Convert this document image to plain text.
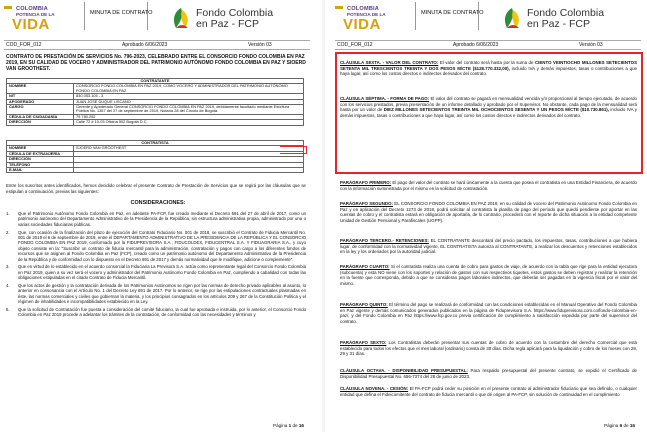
COLOMBIA
POTENCIA DE LA
VIDA
MINUTA DE CONTRATO	Fondo Colombia
en Paz - FCP
COD_FOR_012	Aprobado 6/06/2023	Versión 03
CONTRATO DE PRESTACIÓN DE SERVICIOS No. 796-2023, CELEBRADO ENTRE EL CONSORCIO FONDO COLOMBIA EN PAZ 2019, EN SU CALIDAD DE VOCERO Y ADMINISTRADOR DEL PATRIMONIO AUTÓNOMO FONDO COLOMBIA EN PAZ Y SIOERD VAN GROOTHEST.
CONTRATANTE	
NOMBRE	CONSORCIO FONDO COLOMBIA EN PAZ 2019, COMO VOCERO Y ADMINISTRADOR DEL PATRIMONIO AUTÓNOMO FONDO COLOMBIA EN PAZ
NIT	830.053.105 - 3
APODERADO	JUAN JOSÉ DUQUE LISCANO
CARGO	Gerente y Apoderado General CONSORCIO FONDO COLOMBIA EN PAZ 2019, debidamente facultado mediante Escritura Pública No. 1357 del 27 de septiembre de 2019, Notaría 28 del Círculo de Bogotá.
CÉDULA DE CIUDADANÍA	79.780.252
DIRECCIÓN	Calle 72 # 10-03 Oficina 502 Bogotá D.C.
CONTRATISTA	
NOMBRE	SJOERD VAN GROOTHEST
CÉDULA DE EXTRANJERÍA	
DIRECCIÓN	
TELÉFONO	
E-MAIL	
Entre los suscritos antes identificados, hemos decidido celebrar el presente Contrato de Prestación de Servicios que se regirá por las cláusulas que se estipulan a continuación, previas las siguientes:
CONSIDERACIONES:
1.	Que el Patrimonio Autónomo Fondo Colombia en Paz, en adelante PA-FCP, fue creado mediante el Decreto 691 del 27 de abril de 2017, como un patrimonio autónomo del Departamento Administrativo de la Presidencia de la República, sin estructura administrativa propia, administrado por una o varias sociedades fiduciarias públicas.
2.	Que, con ocasión de la finalización del plazo de ejecución del Contrato Fiduciario No. 001 de 2018, se suscribió el Contrato de Fiducia Mercantil No. 001 de 2019 el 6 de septiembre de 2019, entre el DEPARTAMENTO ADMINISTRATIVO DE LA PRESIDENCIA DE LA REPÚBLICA Y EL CONSORCIO FONDO COLOMBIA EN PAZ 2019, conformado por la FIDUPREVISORA S.A., FIDUCOLDEX, FIDUCENTRAL S.A. Y FIDUAGRARIA S.A., y cuyo objeto consiste en la: "Suscribir un contrato de fiducia mercantil para la administración, contratación y pagos con cargo a los diferentes fondos de recursos que se asignen al Fondo Colombia en Paz (FCP), creado como un patrimonio autónomo del Departamento Administrativo de la Presidencia de la República y de conformidad con lo dispuesto en el Decreto 691 de 2017 y demás normatividad que le modifique, adicione o complemente".
3.	Que en virtud de lo establecido en el acuerdo consorcial la Fiduciaria La Previsora S.A. actúa como representante legal del Consorcio Fondo Colombia en Paz 2019, quien a su vez será el vocero y administrador del Patrimonio Autónomo Fondo Colombia en Paz, cumpliendo a cabalidad con todas las obligaciones estipuladas en el citado Contrato de Fiducia Mercantil.
4.	Que los actos de gestión y la contratación derivada de los Patrimonios Autónomos se rigen por las normas de derecho privado aplicables al asunto, lo anterior en consonancia con el Artículo No. 1 del Decreto Ley 691 de 2017. Por lo anterior, se rige por las estipulaciones contractuales plasmadas en éste, las normas comerciales y civiles que gobiernan la materia, y los principios consagrados en los artículos 209 y 267 de la Constitución Política y el régimen de inhabilidades e incompatibilidades establecido en la Ley.
5.	Que la solicitud de Contratación fue puesta a consideración del comité fiduciario, la cual fue aprobada e instruida, por lo anterior, el Consorcio Fondo Colombia en Paz 2019 procede a adelantar los trámites de la contratación, de conformidad con las necesidades y términos y
Página 1 de 16
COLOMBIA
POTENCIA DE LA
VIDA
MINUTA DE CONTRATO	Fondo Colombia
en Paz - FCP
COD_FOR_012	Aprobado 6/06/2023	Versión 03
CLÁUSULA SEXTA. - VALOR DEL CONTRATO: El valor del contrato será hasta por la suma de CIENTO VEINTIOCHO MILLONES SETECIENTOS SETENTA MIL TRESCIENTOS TREINTA Y DOS PESOS M/CTE ($128.770.332,00), incluido IVA y demás impuestos, tasas o contribuciones a que haya lugar, así como los costos directos e indirectos derivados del contrato.
CLÁUSULA SÉPTIMA. - FORMA DE PAGO: El valor del contrato se pagará en mensualidad vencida y/o proporcional al tiempo ejecutado, de acuerdo con los servicios prestados, previa presentación de un informe detallado y aprobado por el Supervisor. No obstante, cada pago de la mensualidad será hasta por un valor de DIEZ MILLONES SETECIENTOS TREINTA MIL OCHOCIENTOS SESENTA Y UN PESOS M/CTE ($10.730.861), incluido IVA y demás impuestos, tasas o contribuciones a que haya lugar, así como los costos directos e indirectos derivados del contrato.
PARÁGRAFO PRIMERO: El pago del valor del contrato se hará únicamente a la cuenta que posea el contratista en una Entidad Financiera, de acuerdo con la información suministrada por el mismo en la solicitud de contratación.
PARÁGRAFO SEGUNDO: EL CONSORCIO FONDO COLOMBIA EN PAZ 2019, en su calidad de vocero del Patrimonio Autónomo Fondo Colombia en Paz y en aplicación del Decreto 1273 de 2018, podrá solicitar al contratista la planilla de pago del período que quedó pendiente por aportar en las cuentas de cobro y el contratista estará en obligación de aportarla, de lo contrario, procederá con el reporte de dicha situación a la entidad competente Unidad de Gestión Pensional y Parafiscales (UGPP).
PARÁGRAFO TERCERO.- RETENCIONES: EL CONTRATANTE descontará del precio pactado, los impuestos, tasas, contribuciones a que hubiera lugar, de conformidad con la normatividad vigente. EL CONTRATISTA autoriza al CONTRATANTE, a realizar los descuentos y retenciones establecidos en la ley y los ordenados por la autoridad judicial.
PARÁGRAFO CUARTO: Si el contratista realiza una cuenta de cobro para gastos de viaje, de acuerdo con la tabla que rige para la entidad ejecutora (subcuenta) y esta NO viene con los soportes y relación de gastos con sus respectivos tiquetes, estos gastos se deben registrar y realizar la retención en la fuente que corresponda, debido a que se consideran pagos laborales indirectos, que deberán ser pagadas en la vigencia fiscal por el valor del mismo.
PARÁGRAFO QUINTO: El término del pago se realizará de conformidad con las condiciones establecidas en el Manual Operativo del Fondo Colombia en Paz vigente y demás comunicados generados publicados en la página de Fiduprevisora S.A. https://www.fiduprevisora.com.co/fondo-colombia-en-paz/, y del Fondo Colombia en Paz https://www.fcp.gov.co previa certificación de cumplimiento a satisfacción expedida por parte del supervisor del contrato.
PARÁGRAFO SEXTO: Los Contratistas deberán presentar sus cuentas de cobro de acuerdo con la costumbre del derecho Comercial que está establecido para todos los efectos que el mes laboral (ordinario) consta de 30 días. Dicha regla aplicará para la liquidación y cobro de los meses con 28, 29 y 31 días.
CLÁUSULA OCTAVA. - DISPONIBILIDAD PRESUPUESTAL: Para respaldo presupuestal del presente contrato, se expidió el Certificado de Disponibilidad Presupuestal No. 656-7374 del 28 de junio de 2023.
CLÁUSULA NOVENA. - CESIÓN: El PA-FCP podrá ceder su posición en el presente contrato al administrador fiduciario que sea definido, o cualquier entidad que defina el Fideicomitente del contrato de fiducia mercantil o que dé origen al PA-FCP, sin solución de continuidad en el cumplimiento
Página 6 de 16
